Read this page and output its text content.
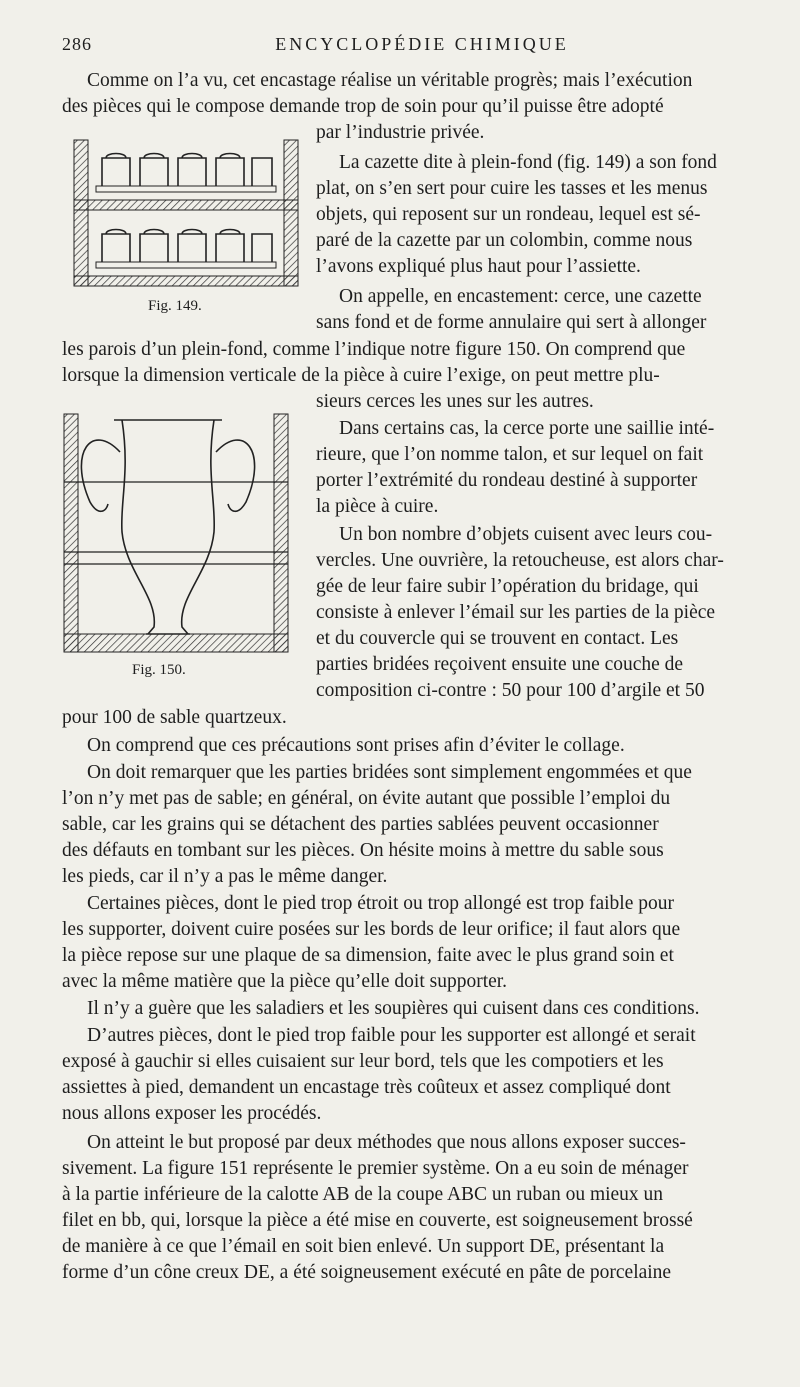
286	ENCYCLOPÉDIE CHIMIQUE
Fig. 149.
Fig. 150.
Comme on l’a vu, cet encastage réalise un véritable progrès; mais l’exécution
des pièces qui le compose demande trop de soin pour qu’il puisse être adopté
par l’industrie privée.
La cazette dite à plein-fond (fig. 149) a son fond
plat, on s’en sert pour cuire les tasses et les menus
objets, qui reposent sur un rondeau, lequel est sé-
paré de la cazette par un colombin, comme nous
l’avons expliqué plus haut pour l’assiette.
On appelle, en encastement: cerce, une cazette
sans fond et de forme annulaire qui sert à allonger
les parois d’un plein-fond, comme l’indique notre figure 150. On comprend que
lorsque la dimension verticale de la pièce à cuire l’exige, on peut mettre plu-
sieurs cerces les unes sur les autres.
Dans certains cas, la cerce porte une saillie inté-
rieure, que l’on nomme talon, et sur lequel on fait
porter l’extrémité du rondeau destiné à supporter
la pièce à cuire.
Un bon nombre d’objets cuisent avec leurs cou-
vercles. Une ouvrière, la retoucheuse, est alors char-
gée de leur faire subir l’opération du bridage, qui
consiste à enlever l’émail sur les parties de la pièce
et du couvercle qui se trouvent en contact. Les
parties bridées reçoivent ensuite une couche de
composition ci-contre : 50 pour 100 d’argile et 50
pour 100 de sable quartzeux.
On comprend que ces précautions sont prises afin d’éviter le collage.
On doit remarquer que les parties bridées sont simplement engommées et que
l’on n’y met pas de sable; en général, on évite autant que possible l’emploi du
sable, car les grains qui se détachent des parties sablées peuvent occasionner
des défauts en tombant sur les pièces. On hésite moins à mettre du sable sous
les pieds, car il n’y a pas le même danger.
Certaines pièces, dont le pied trop étroit ou trop allongé est trop faible pour
les supporter, doivent cuire posées sur les bords de leur orifice; il faut alors que
la pièce repose sur une plaque de sa dimension, faite avec le plus grand soin et
avec la même matière que la pièce qu’elle doit supporter.
Il n’y a guère que les saladiers et les soupières qui cuisent dans ces conditions.
D’autres pièces, dont le pied trop faible pour les supporter est allongé et serait
exposé à gauchir si elles cuisaient sur leur bord, tels que les compotiers et les
assiettes à pied, demandent un encastage très coûteux et assez compliqué dont
nous allons exposer les procédés.
On atteint le but proposé par deux méthodes que nous allons exposer succes-
sivement. La figure 151 représente le premier système. On a eu soin de ménager
à la partie inférieure de la calotte AB de la coupe ABC un ruban ou mieux un
filet en bb, qui, lorsque la pièce a été mise en couverte, est soigneusement brossé
de manière à ce que l’émail en soit bien enlevé. Un support DE, présentant la
forme d’un cône creux DE, a été soigneusement exécuté en pâte de porcelaine
